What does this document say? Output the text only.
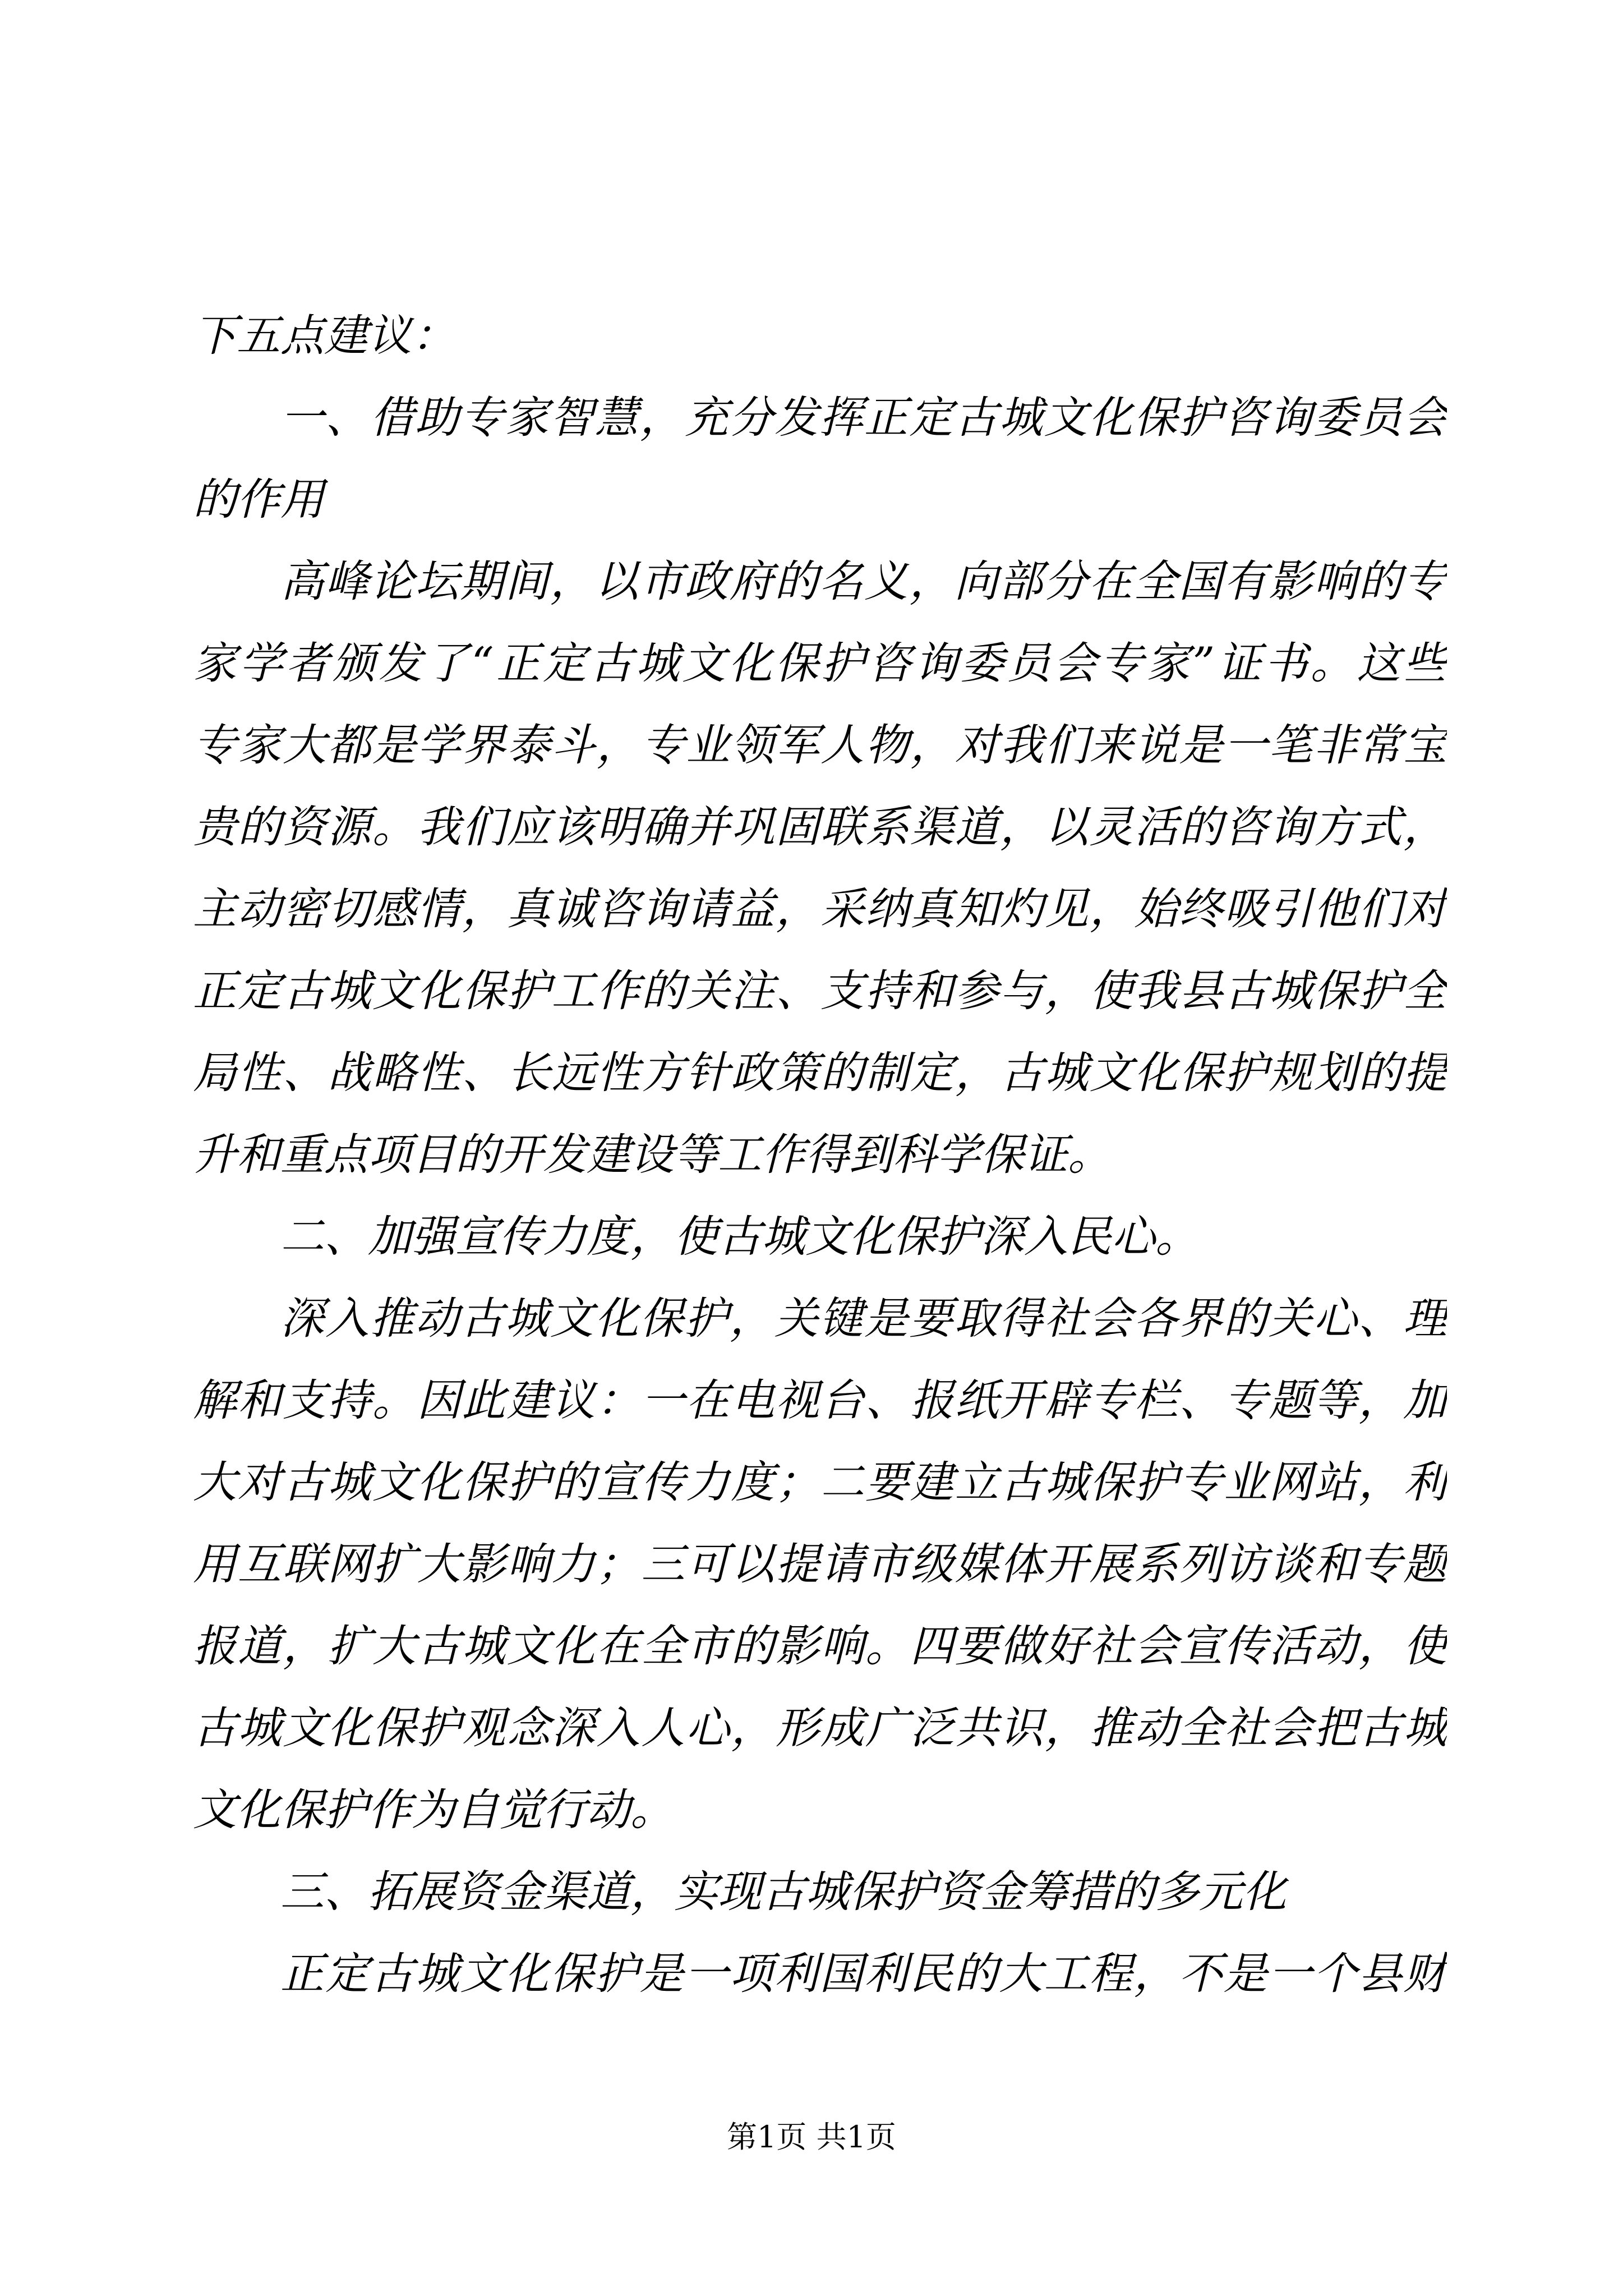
下五点建议：
一、借助专家智慧，充分发挥正定古城文化保护咨询委员会
的作用
高峰论坛期间，以市政府的名义，向部分在全国有影响的专
家学者颁发了“正定古城文化保护咨询委员会专家”证书。这些
专家大都是学界泰斗，专业领军人物，对我们来说是一笔非常宝
贵的资源。我们应该明确并巩固联系渠道，以灵活的咨询方式，
主动密切感情，真诚咨询请益，采纳真知灼见，始终吸引他们对
正定古城文化保护工作的关注、支持和参与，使我县古城保护全
局性、战略性、长远性方针政策的制定，古城文化保护规划的提
升和重点项目的开发建设等工作得到科学保证。
二、加强宣传力度，使古城文化保护深入民心。
深入推动古城文化保护，关键是要取得社会各界的关心、理
解和支持。因此建议：一在电视台、报纸开辟专栏、专题等，加
大对古城文化保护的宣传力度；二要建立古城保护专业网站，利
用互联网扩大影响力；三可以提请市级媒体开展系列访谈和专题
报道，扩大古城文化在全市的影响。四要做好社会宣传活动，使
古城文化保护观念深入人心，形成广泛共识，推动全社会把古城
文化保护作为自觉行动。
三、拓展资金渠道，实现古城保护资金筹措的多元化
正定古城文化保护是一项利国利民的大工程，不是一个县财
第1页 共1页
